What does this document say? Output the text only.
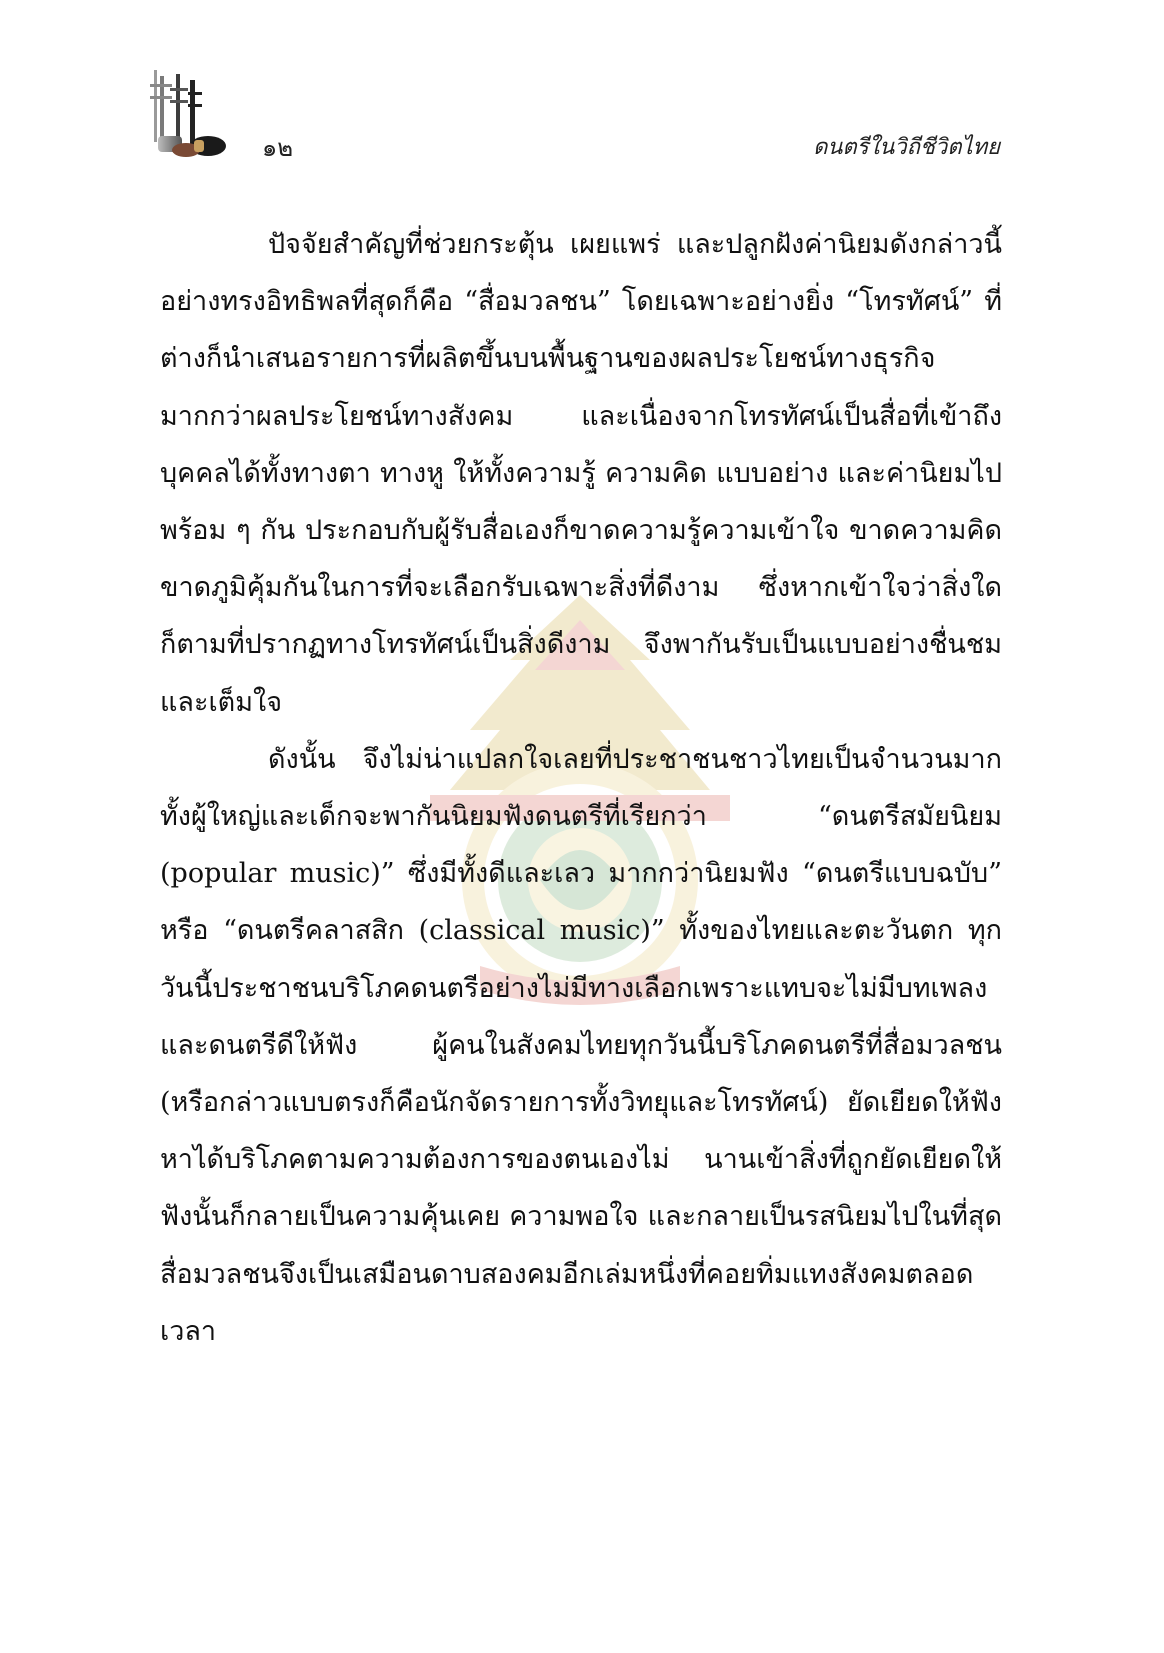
๑๒	ดนตรีในวิถีชีวิตไทย

ปัจจัยสำคัญที่ช่วยกระตุ้น เผยแพร่ และปลูกฝังค่านิยมดังกล่าวนี้อย่างทรงอิทธิพลที่สุดก็คือ “สื่อมวลชน” โดยเฉพาะอย่างยิ่ง “โทรทัศน์” ที่ต่างก็นำเสนอรายการที่ผลิตขึ้นบนพื้นฐานของผลประโยชน์ทางธุรกิจมากกว่าผลประโยชน์ทางสังคม และเนื่องจากโทรทัศน์เป็นสื่อที่เข้าถึงบุคคลได้ทั้งทางตา ทางหู ให้ทั้งความรู้ ความคิด แบบอย่าง และค่านิยมไปพร้อม ๆ กัน ประกอบกับผู้รับสื่อเองก็ขาดความรู้ความเข้าใจ ขาดความคิด ขาดภูมิคุ้มกันในการที่จะเลือกรับเฉพาะสิ่งที่ดีงาม ซึ่งหากเข้าใจว่าสิ่งใดก็ตามที่ปรากฏทางโทรทัศน์เป็นสิ่งดีงาม จึงพากันรับเป็นแบบอย่างชื่นชมและเต็มใจ

ดังนั้น จึงไม่น่าแปลกใจเลยที่ประชาชนชาวไทยเป็นจำนวนมากทั้งผู้ใหญ่และเด็กจะพากันนิยมฟังดนตรีที่เรียกว่า “ดนตรีสมัยนิยม (popular music)” ซึ่งมีทั้งดีและเลว มากกว่านิยมฟัง “ดนตรีแบบฉบับ” หรือ “ดนตรีคลาสสิก (classical music)” ทั้งของไทยและตะวันตก ทุกวันนี้ประชาชนบริโภคดนตรีอย่างไม่มีทางเลือกเพราะแทบจะไม่มีบทเพลงและดนตรีดีให้ฟัง ผู้คนในสังคมไทยทุกวันนี้บริโภคดนตรีที่สื่อมวลชน (หรือกล่าวแบบตรงก็คือนักจัดรายการทั้งวิทยุและโทรทัศน์) ยัดเยียดให้ฟังหาได้บริโภคตามความต้องการของตนเองไม่ นานเข้าสิ่งที่ถูกยัดเยียดให้ฟังนั้นก็กลายเป็นความคุ้นเคย ความพอใจ และกลายเป็นรสนิยมไปในที่สุด สื่อมวลชนจึงเป็นเสมือนดาบสองคมอีกเล่มหนึ่งที่คอยทิ่มแทงสังคมตลอดเวลา
